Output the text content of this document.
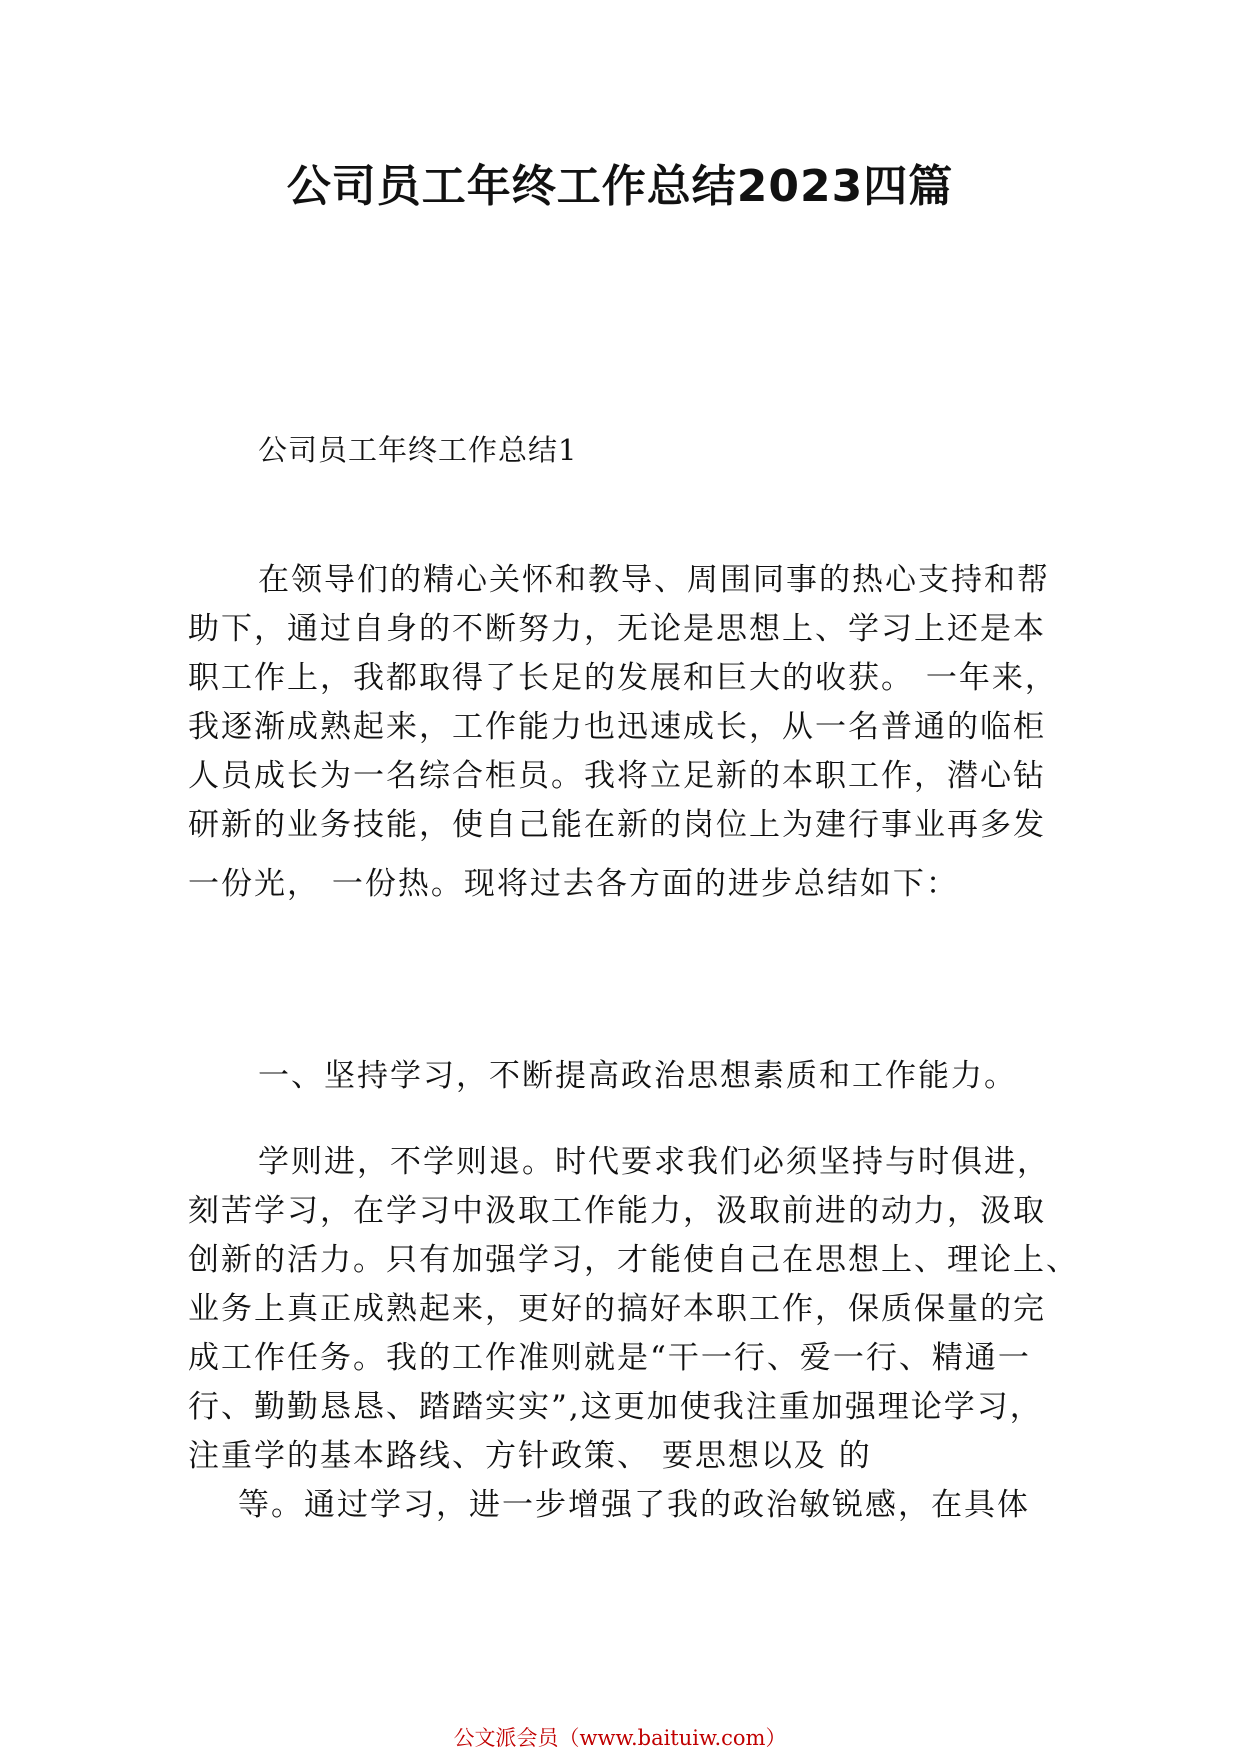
公司员工年终工作总结2023四篇
公司员工年终工作总结1

在领导们的精心关怀和教导、周围同事的热心支持和帮
助下，通过自身的不断努力，无论是思想上、学习上还是本
职工作上，我都取得了长足的发展和巨大的收获。 一年来，
我逐渐成熟起来，工作能力也迅速成长，从一名普通的临柜
人员成长为一名综合柜员。我将立足新的本职工作，潜心钻
研新的业务技能，使自己能在新的岗位上为建行事业再多发
一份光， 一份热。现将过去各方面的进步总结如下：

一、坚持学习，不断提高政治思想素质和工作能力。

学则进，不学则退。时代要求我们必须坚持与时俱进，
刻苦学习，在学习中汲取工作能力，汲取前进的动力，汲取
创新的活力。只有加强学习，才能使自己在思想上、理论上、
业务上真正成熟起来，更好的搞好本职工作，保质保量的完
成工作任务。我的工作准则就是“干一行、爱一行、精通一
行、勤勤恳恳、踏踏实实”,这更加使我注重加强理论学习，
注重学的基本路线、方针政策、 要思想以及 的
等。通过学习，进一步增强了我的政治敏锐感，在具体

公文派会员（www.baituiw.com）
